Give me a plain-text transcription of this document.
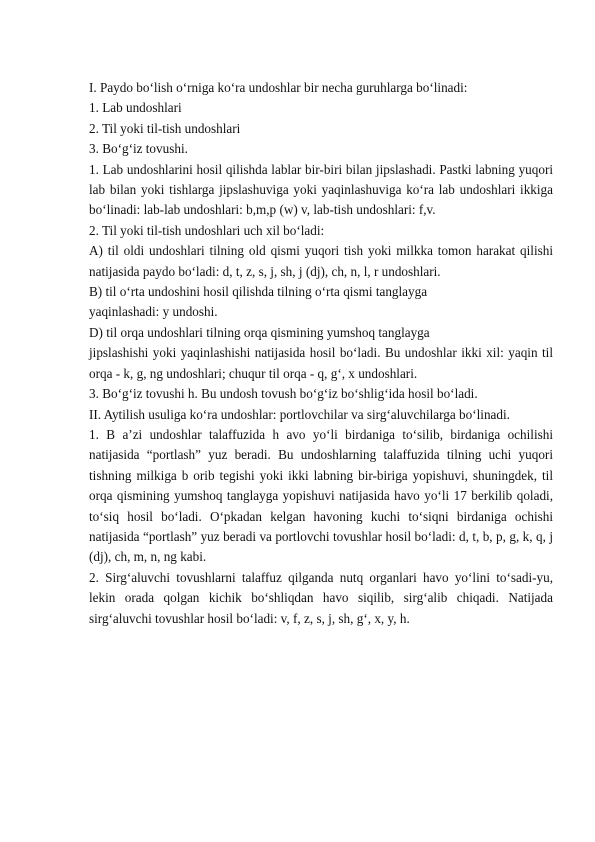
I. Paydo bo‘lish o‘rniga ko‘ra undoshlar bir necha guruhlarga bo‘linadi:

1. Lab undoshlari

2. Til yoki til-tish undoshlari

3. Bo‘g‘iz tovushi.

1. Lab undoshlarini hosil qilishda lablar bir-biri bilan jipslashadi. Pastki labning yuqori lab bilan yoki tishlarga jipslashuviga yoki yaqinlashuviga ko‘ra lab undoshlari ikkiga bo‘linadi: lab-lab undoshlari: b,m,p (w) v, lab-tish undoshlari: f,v.

2. Til yoki til-tish undoshlari uch xil bo‘ladi:

A) til oldi undoshlari tilning old qismi yuqori tish yoki milkka tomon harakat qilishi natijasida paydo bo‘ladi: d, t, z, s, j, sh, j (dj), ch, n, l, r undoshlari.

B) til o‘rta undoshini hosil qilishda tilning o‘rta qismi tanglayga

yaqinlashadi: y undoshi.

D) til orqa undoshlari tilning orqa qismining yumshoq tanglayga

jipslashishi yoki yaqinlashishi natijasida hosil bo‘ladi. Bu undoshlar ikki xil: yaqin til orqa - k, g, ng undoshlari; chuqur til orqa - q, g‘, x undoshlari.

3. Bo‘g‘iz tovushi h. Bu undosh tovush bo‘g‘iz bo‘shlig‘ida hosil bo‘ladi.

II. Aytilish usuliga ko‘ra undoshlar: portlovchilar va sirg‘aluvchilarga bo‘linadi.

1. B a’zi undoshlar talaffuzida h avo yo‘li birdaniga to‘silib, birdaniga ochilishi natijasida “portlash” yuz beradi. Bu undoshlarning talaffuzida tilning uchi yuqori tishning milkiga b orib tegishi yoki ikki labning bir-biriga yopishuvi, shuningdek, til orqa qismining yumshoq tanglayga yopishuvi natijasida havo yo‘li 17 berkilib qoladi, to‘siq hosil bo‘ladi. O‘pkadan kelgan havoning kuchi to‘siqni birdaniga ochishi natijasida “portlash” yuz beradi va portlovchi tovushlar hosil bo‘ladi: d, t, b, p, g, k, q, j (dj), ch, m, n, ng kabi.

2. Sirg‘aluvchi tovushlarni talaffuz qilganda nutq organlari havo yo‘lini to‘sadi-yu, lekin orada qolgan kichik bo‘shliqdan havo siqilib, sirg‘alib chiqadi. Natijada sirg‘aluvchi tovushlar hosil bo‘ladi: v, f, z, s, j, sh, g‘, x, y, h.
